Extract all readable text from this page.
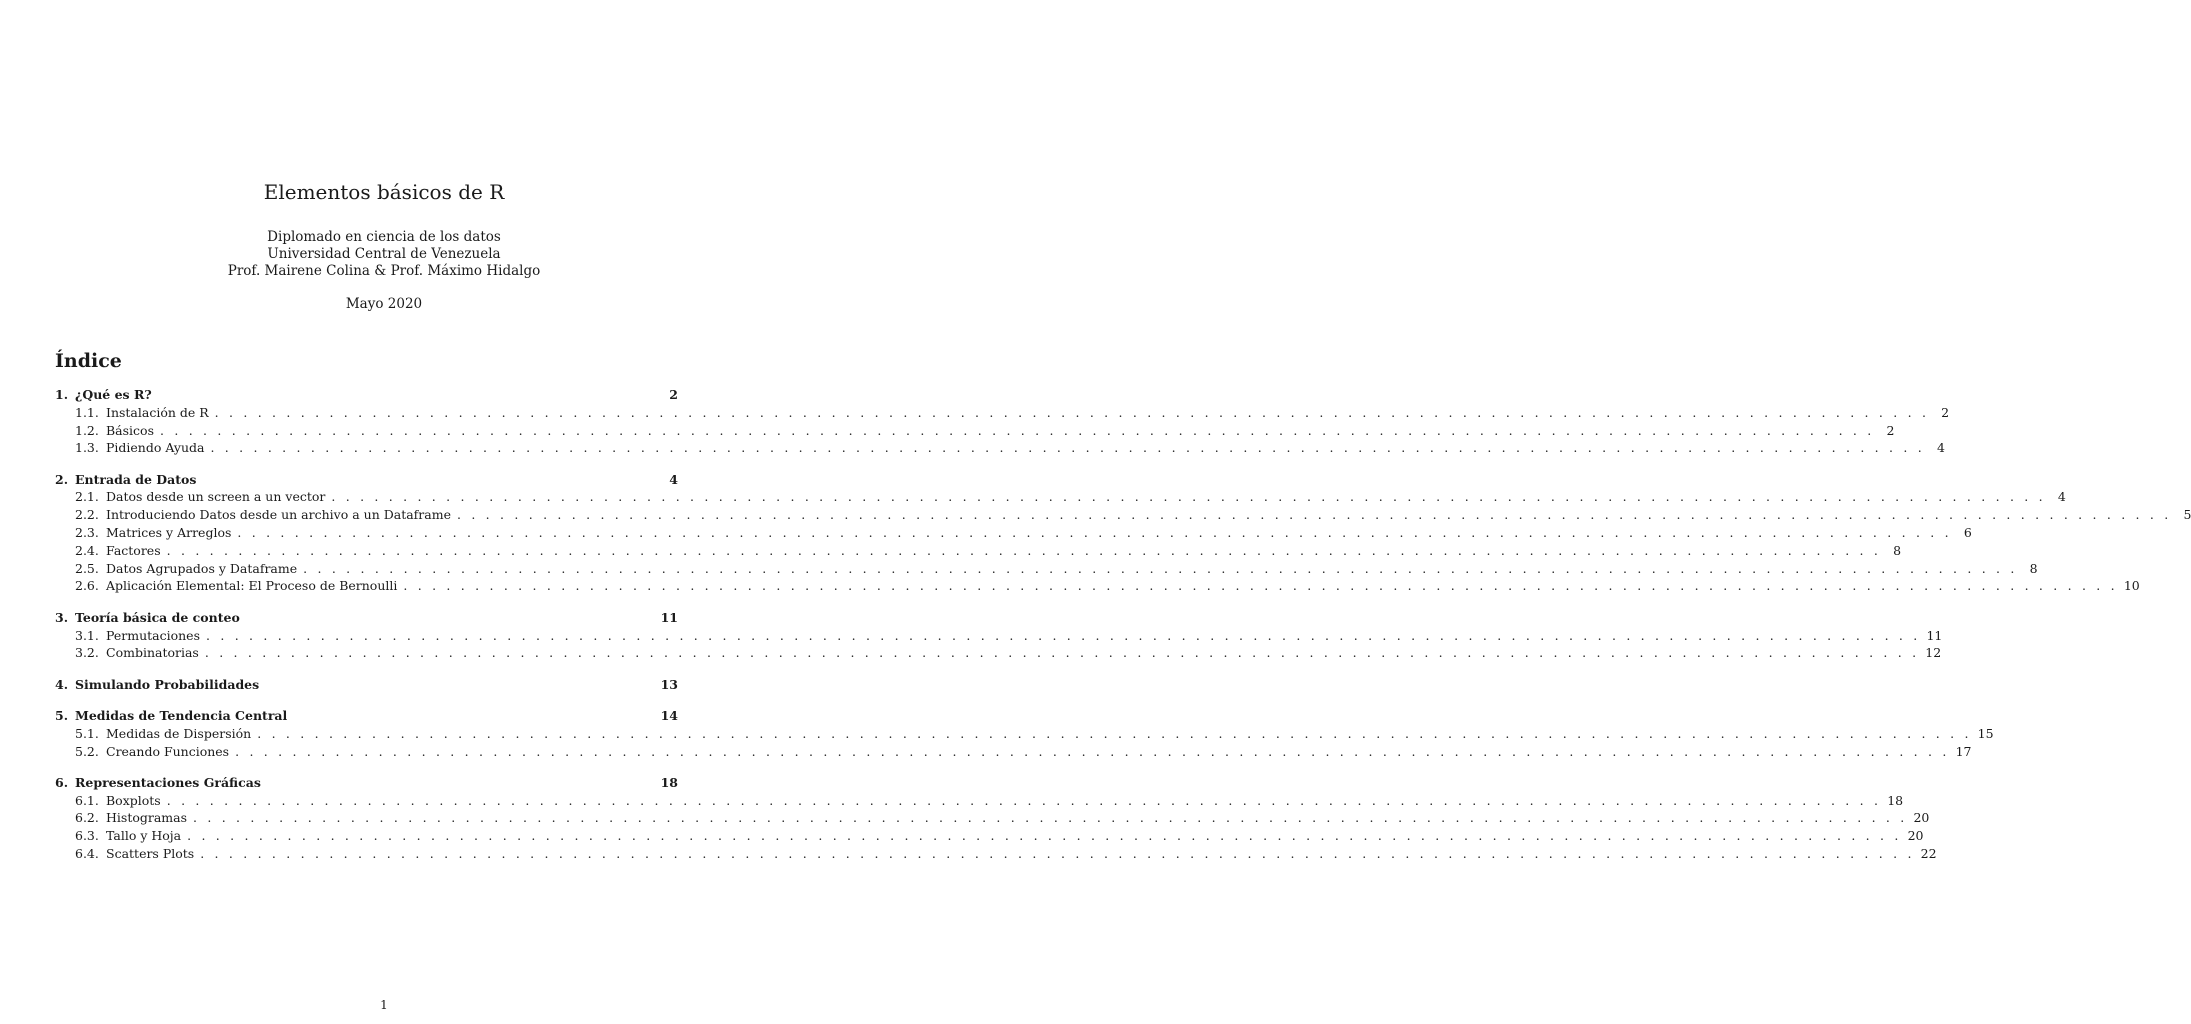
Elementos básicos de R
Diplomado en ciencia de los datos
Universidad Central de Venezuela
Prof. Mairene Colina & Prof. Máximo Hidalgo
Mayo 2020
Índice
1. ¿Qué es R?	2
1.1. Instalación de R . . . . . . . . . . . . . . . . . . . . . . . . . . . . . . . . . . . . . . . . . . . . . . . . . . . . . . . . . . . . . . . . . . . . . . . . . . . . . . . . . . . . . . . . . . . . . . . . . . . . . . . . . . . . . . . . . . . . . . . . 2
1.2. Básicos . . . . . . . . . . . . . . . . . . . . . . . . . . . . . . . . . . . . . . . . . . . . . . . . . . . . . . . . . . . . . . . . . . . . . . . . . . . . . . . . . . . . . . . . . . . . . . . . . . . . . . . . . . . . . . . . . . . . . . . . 2
1.3. Pidiendo Ayuda . . . . . . . . . . . . . . . . . . . . . . . . . . . . . . . . . . . . . . . . . . . . . . . . . . . . . . . . . . . . . . . . . . . . . . . . . . . . . . . . . . . . . . . . . . . . . . . . . . . . . . . . . . . . . . . . . . . . . . . . 4
2. Entrada de Datos	4
2.1. Datos desde un screen a un vector . . . . . . . . . . . . . . . . . . . . . . . . . . . . . . . . . . . . . . . . . . . . . . . . . . . . . . . . . . . . . . . . . . . . . . . . . . . . . . . . . . . . . . . . . . . . . . . . . . . . . . . . . . . . . . . . . . . . . . . . 4
2.2. Introduciendo Datos desde un archivo a un Dataframe . . . . . . . . . . . . . . . . . . . . . . . . . . . . . . . . . . . . . . . . . . . . . . . . . . . . . . . . . . . . . . . . . . . . . . . . . . . . . . . . . . . . . . . . . . . . . . . . . . . . . . . . . . . . . . . . . . . . . . . . 5
2.3. Matrices y Arreglos . . . . . . . . . . . . . . . . . . . . . . . . . . . . . . . . . . . . . . . . . . . . . . . . . . . . . . . . . . . . . . . . . . . . . . . . . . . . . . . . . . . . . . . . . . . . . . . . . . . . . . . . . . . . . . . . . . . . . . . . 6
2.4. Factores . . . . . . . . . . . . . . . . . . . . . . . . . . . . . . . . . . . . . . . . . . . . . . . . . . . . . . . . . . . . . . . . . . . . . . . . . . . . . . . . . . . . . . . . . . . . . . . . . . . . . . . . . . . . . . . . . . . . . . . . 8
2.5. Datos Agrupados y Dataframe . . . . . . . . . . . . . . . . . . . . . . . . . . . . . . . . . . . . . . . . . . . . . . . . . . . . . . . . . . . . . . . . . . . . . . . . . . . . . . . . . . . . . . . . . . . . . . . . . . . . . . . . . . . . . . . . . . . . . . . . 8
2.6. Aplicación Elemental: El Proceso de Bernoulli . . . . . . . . . . . . . . . . . . . . . . . . . . . . . . . . . . . . . . . . . . . . . . . . . . . . . . . . . . . . . . . . . . . . . . . . . . . . . . . . . . . . . . . . . . . . . . . . . . . . . . . . . . . . . . . . . . . . . . . . 10
3. Teoría básica de conteo	11
3.1. Permutaciones . . . . . . . . . . . . . . . . . . . . . . . . . . . . . . . . . . . . . . . . . . . . . . . . . . . . . . . . . . . . . . . . . . . . . . . . . . . . . . . . . . . . . . . . . . . . . . . . . . . . . . . . . . . . . . . . . . . . . . . . 11
3.2. Combinatorias . . . . . . . . . . . . . . . . . . . . . . . . . . . . . . . . . . . . . . . . . . . . . . . . . . . . . . . . . . . . . . . . . . . . . . . . . . . . . . . . . . . . . . . . . . . . . . . . . . . . . . . . . . . . . . . . . . . . . . . . 12
4. Simulando Probabilidades	13
5. Medidas de Tendencia Central	14
5.1. Medidas de Dispersión . . . . . . . . . . . . . . . . . . . . . . . . . . . . . . . . . . . . . . . . . . . . . . . . . . . . . . . . . . . . . . . . . . . . . . . . . . . . . . . . . . . . . . . . . . . . . . . . . . . . . . . . . . . . . . . . . . . . . . . . 15
5.2. Creando Funciones . . . . . . . . . . . . . . . . . . . . . . . . . . . . . . . . . . . . . . . . . . . . . . . . . . . . . . . . . . . . . . . . . . . . . . . . . . . . . . . . . . . . . . . . . . . . . . . . . . . . . . . . . . . . . . . . . . . . . . . . 17
6. Representaciones Gráficas	18
6.1. Boxplots . . . . . . . . . . . . . . . . . . . . . . . . . . . . . . . . . . . . . . . . . . . . . . . . . . . . . . . . . . . . . . . . . . . . . . . . . . . . . . . . . . . . . . . . . . . . . . . . . . . . . . . . . . . . . . . . . . . . . . . . 18
6.2. Histogramas . . . . . . . . . . . . . . . . . . . . . . . . . . . . . . . . . . . . . . . . . . . . . . . . . . . . . . . . . . . . . . . . . . . . . . . . . . . . . . . . . . . . . . . . . . . . . . . . . . . . . . . . . . . . . . . . . . . . . . . . 20
6.3. Tallo y Hoja . . . . . . . . . . . . . . . . . . . . . . . . . . . . . . . . . . . . . . . . . . . . . . . . . . . . . . . . . . . . . . . . . . . . . . . . . . . . . . . . . . . . . . . . . . . . . . . . . . . . . . . . . . . . . . . . . . . . . . . . 20
6.4. Scatters Plots . . . . . . . . . . . . . . . . . . . . . . . . . . . . . . . . . . . . . . . . . . . . . . . . . . . . . . . . . . . . . . . . . . . . . . . . . . . . . . . . . . . . . . . . . . . . . . . . . . . . . . . . . . . . . . . . . . . . . . . . 22
1
